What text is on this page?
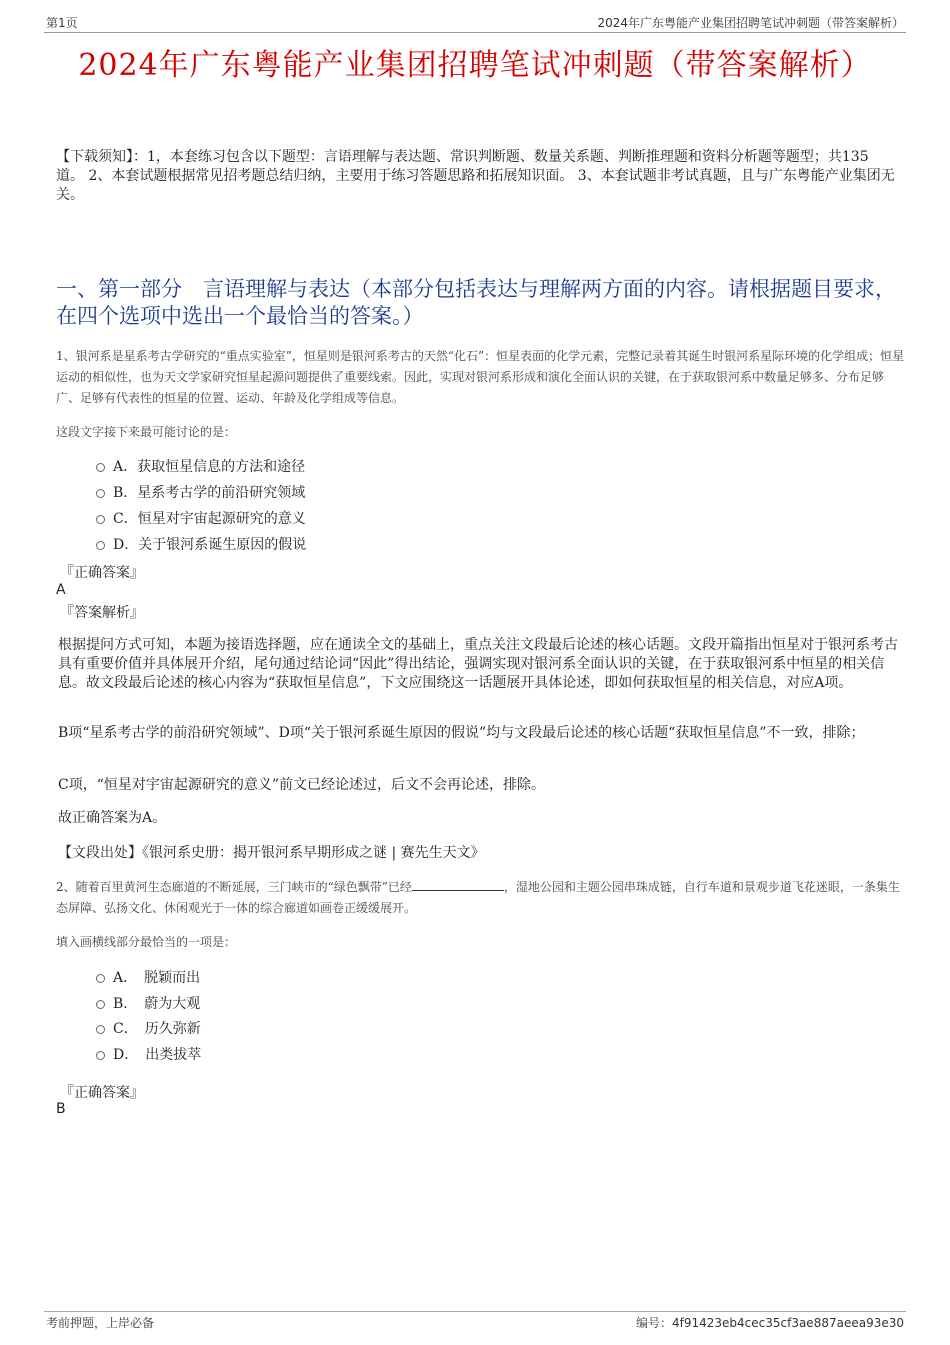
第1页	2024年广东粤能产业集团招聘笔试冲刺题（带答案解析）
2024年广东粤能产业集团招聘笔试冲刺题（带答案解析）
【下载须知】：1，本套练习包含以下题型：言语理解与表达题、常识判断题、数量关系题、判断推理题和资料分析题等题型；共135道。 2、本套试题根据常见招考题总结归纳，主要用于练习答题思路和拓展知识面。 3、本套试题非考试真题，且与广东粤能产业集团无关。
一、第一部分　言语理解与表达（本部分包括表达与理解两方面的内容。请根据题目要求，在四个选项中选出一个最恰当的答案。）
1、银河系是星系考古学研究的“重点实验室”，恒星则是银河系考古的天然“化石”：恒星表面的化学元素，完整记录着其诞生时银河系星际环境的化学组成；恒星运动的相似性，也为天文学家研究恒星起源问题提供了重要线索。因此，实现对银河系形成和演化全面认识的关键，在于获取银河系中数量足够多、分布足够广、足够有代表性的恒星的位置、运动、年龄及化学组成等信息。
这段文字接下来最可能讨论的是：
A．获取恒星信息的方法和途径
B．星系考古学的前沿研究领域
C．恒星对宇宙起源研究的意义
D．关于银河系诞生原因的假说
『正确答案』
A
『答案解析』
根据提问方式可知，本题为接语选择题，应在通读全文的基础上，重点关注文段最后论述的核心话题。文段开篇指出恒星对于银河系考古具有重要价值并具体展开介绍，尾句通过结论词“因此”得出结论，强调实现对银河系全面认识的关键，在于获取银河系中恒星的相关信息。故文段最后论述的核心内容为“获取恒星信息”，下文应围绕这一话题展开具体论述，即如何获取恒星的相关信息，对应A项。
B项“星系考古学的前沿研究领域”、D项“关于银河系诞生原因的假说”均与文段最后论述的核心话题“获取恒星信息”不一致，排除；
C项，“恒星对宇宙起源研究的意义”前文已经论述过，后文不会再论述，排除。
故正确答案为A。
【文段出处】《银河系史册：揭开银河系早期形成之谜 | 赛先生天文》
2、随着百里黄河生态廊道的不断延展，三门峡市的“绿色飘带”已经	，湿地公园和主题公园串珠成链，自行车道和景观步道飞花迷眼，一条集生态屏障、弘扬文化、休闲观光于一体的综合廊道如画卷正缓缓展开。
填入画横线部分最恰当的一项是：
A．　脱颖而出
B．　蔚为大观
C．　历久弥新
D．　出类拔萃
『正确答案』
B
考前押题，上岸必备	编号：4f91423eb4cec35cf3ae887aeea93e30
